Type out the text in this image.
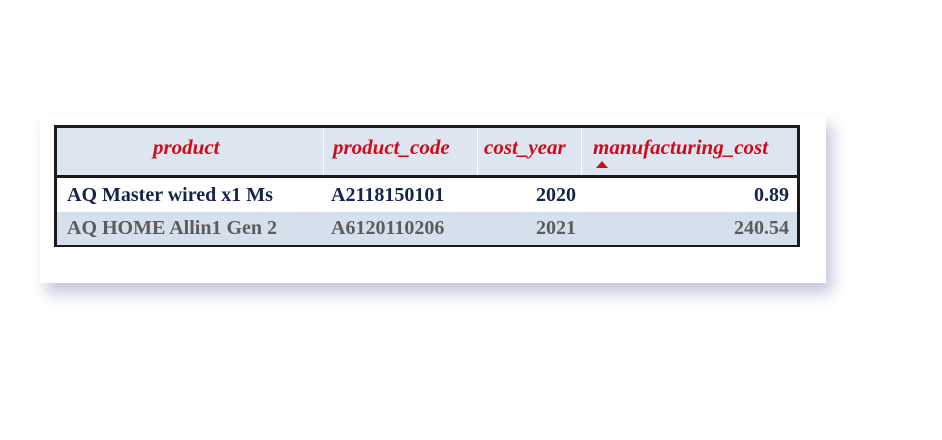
product	product_code cost_year manufacturing_cost
AQ Master wired x1 Ms	A2118150101	2020	0.89
AQ HOME Allin1 Gen 2	A6120110206	2021	240.54
